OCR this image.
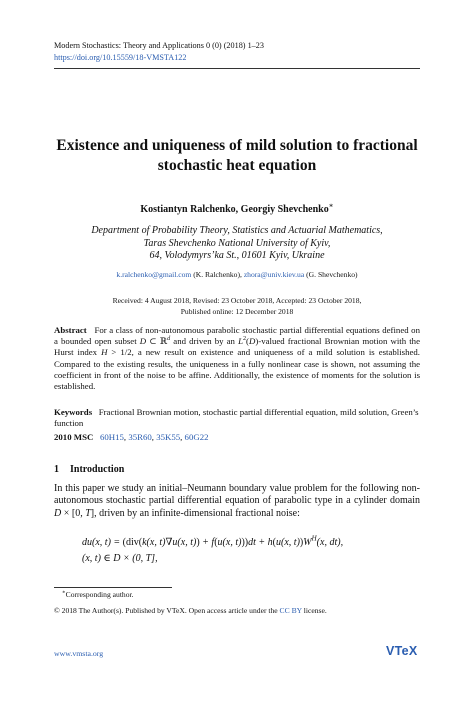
Modern Stochastics: Theory and Applications 0 (0) (2018) 1–23
https://doi.org/10.15559/18-VMSTA122
Existence and uniqueness of mild solution to fractional
stochastic heat equation
Kostiantyn Ralchenko, Georgiy Shevchenko∗
Department of Probability Theory, Statistics and Actuarial Mathematics,
Taras Shevchenko National University of Kyiv,
64, Volodymyrs’ka St., 01601 Kyiv, Ukraine
k.ralchenko@gmail.com (K. Ralchenko), zhora@univ.kiev.ua (G. Shevchenko)
Received: 4 August 2018, Revised: 23 October 2018, Accepted: 23 October 2018,
Published online: 12 December 2018
Abstract For a class of non-autonomous parabolic stochastic partial differential equations defined on a bounded open subset D ⊂ ℝ$^d$ and driven by an $L^2(D)$-valued fractional Brownian motion with the Hurst index H > 1/2, a new result on existence and uniqueness of a mild solution is established. Compared to the existing results, the uniqueness in a fully nonlinear case is shown, not assuming the coefficient in front of the noise to be affine. Additionally, the existence of moments for the solution is established.
Keywords Fractional Brownian motion, stochastic partial differential equation, mild solution, Green’s function
2010 MSC 60H15, 35R60, 35K55, 60G22
1 Introduction
In this paper we study an initial–Neumann boundary value problem for the following non-autonomous stochastic partial differential equation of parabolic type in a cylinder domain D × [0, T], driven by an infinite-dimensional fractional noise:
du(x, t) = (div(k(x, t)∇u(x, t)) + f(u(x, t)))dt + h(u(x, $t))W^H(x$, dt),
(x, t) ∈ D × (0, T],
∗Corresponding author.
© 2018 The Author(s). Published by VTeX. Open access article under the CC BY license.
www.vmsta.org	VTeX
